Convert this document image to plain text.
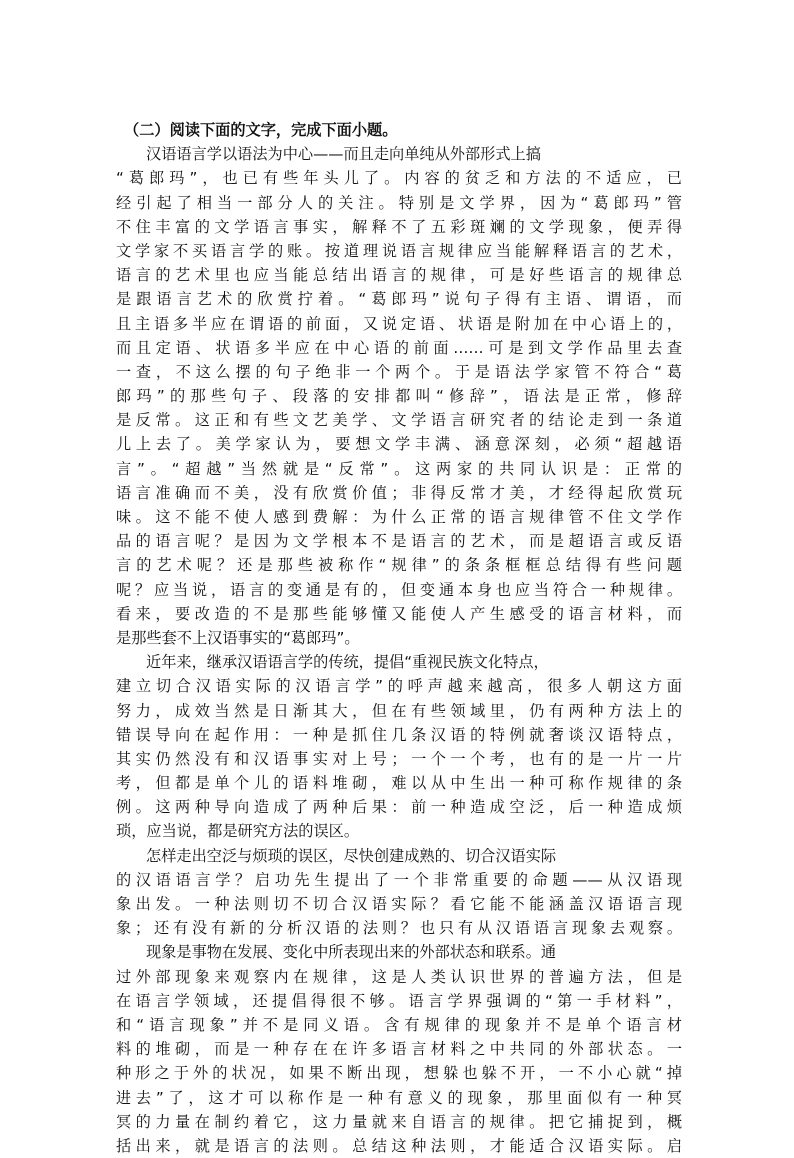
（二）阅读下面的文字，完成下面小题。
汉语语言学以语法为中心——而且走向单纯从外部形式上搞
“葛郎玛”，也已有些年头儿了。内容的贫乏和方法的不适应，已
经引起了相当一部分人的关注。特别是文学界，因为“葛郎玛”管
不住丰富的文学语言事实，解释不了五彩斑斓的文学现象，便弄得
文学家不买语言学的账。按道理说语言规律应当能解释语言的艺术，
语言的艺术里也应当能总结出语言的规律，可是好些语言的规律总
是跟语言艺术的欣赏拧着。“葛郎玛”说句子得有主语、谓语，而
且主语多半应在谓语的前面，又说定语、状语是附加在中心语上的，
而且定语、状语多半应在中心语的前面……可是到文学作品里去查
一查，不这么摆的句子绝非一个两个。于是语法学家管不符合“葛
郎玛”的那些句子、段落的安排都叫“修辞”，语法是正常，修辞
是反常。这正和有些文艺美学、文学语言研究者的结论走到一条道
儿上去了。美学家认为，要想文学丰满、涵意深刻，必须“超越语
言”。“超越”当然就是“反常”。这两家的共同认识是：正常的
语言准确而不美，没有欣赏价值；非得反常才美，才经得起欣赏玩
味。这不能不使人感到费解：为什么正常的语言规律管不住文学作
品的语言呢？是因为文学根本不是语言的艺术，而是超语言或反语
言的艺术呢？还是那些被称作“规律”的条条框框总结得有些问题
呢？应当说，语言的变通是有的，但变通本身也应当符合一种规律。
看来，要改造的不是那些能够懂又能使人产生感受的语言材料，而
是那些套不上汉语事实的“葛郎玛”。
近年来，继承汉语语言学的传统，提倡“重视民族文化特点，
建立切合汉语实际的汉语言学”的呼声越来越高，很多人朝这方面
努力，成效当然是日渐其大，但在有些领域里，仍有两种方法上的
错误导向在起作用：一种是抓住几条汉语的特例就奢谈汉语特点，
其实仍然没有和汉语事实对上号；一个一个考，也有的是一片一片
考，但都是单个儿的语料堆砌，难以从中生出一种可称作规律的条
例。这两种导向造成了两种后果：前一种造成空泛，后一种造成烦
琐，应当说，都是研究方法的误区。
怎样走出空泛与烦琐的误区，尽快创建成熟的、切合汉语实际
的汉语语言学？启功先生提出了一个非常重要的命题——从汉语现
象出发。一种法则切不切合汉语实际？看它能不能涵盖汉语语言现
象；还有没有新的分析汉语的法则？也只有从汉语语言现象去观察。
现象是事物在发展、变化中所表现出来的外部状态和联系。通
过外部现象来观察内在规律，这是人类认识世界的普遍方法，但是
在语言学领域，还提倡得很不够。语言学界强调的“第一手材料”，
和“语言现象”并不是同义语。含有规律的现象并不是单个语言材
料的堆砌，而是一种存在在许多语言材料之中共同的外部状态。一
种形之于外的状况，如果不断出现，想躲也躲不开，一不小心就“掉
进去”了，这才可以称作是一种有意义的现象，那里面似有一种冥
冥的力量在制约着它，这力量就来自语言的规律。把它捕捉到，概
括出来，就是语言的法则。总结这种法则，才能适合汉语实际。启
